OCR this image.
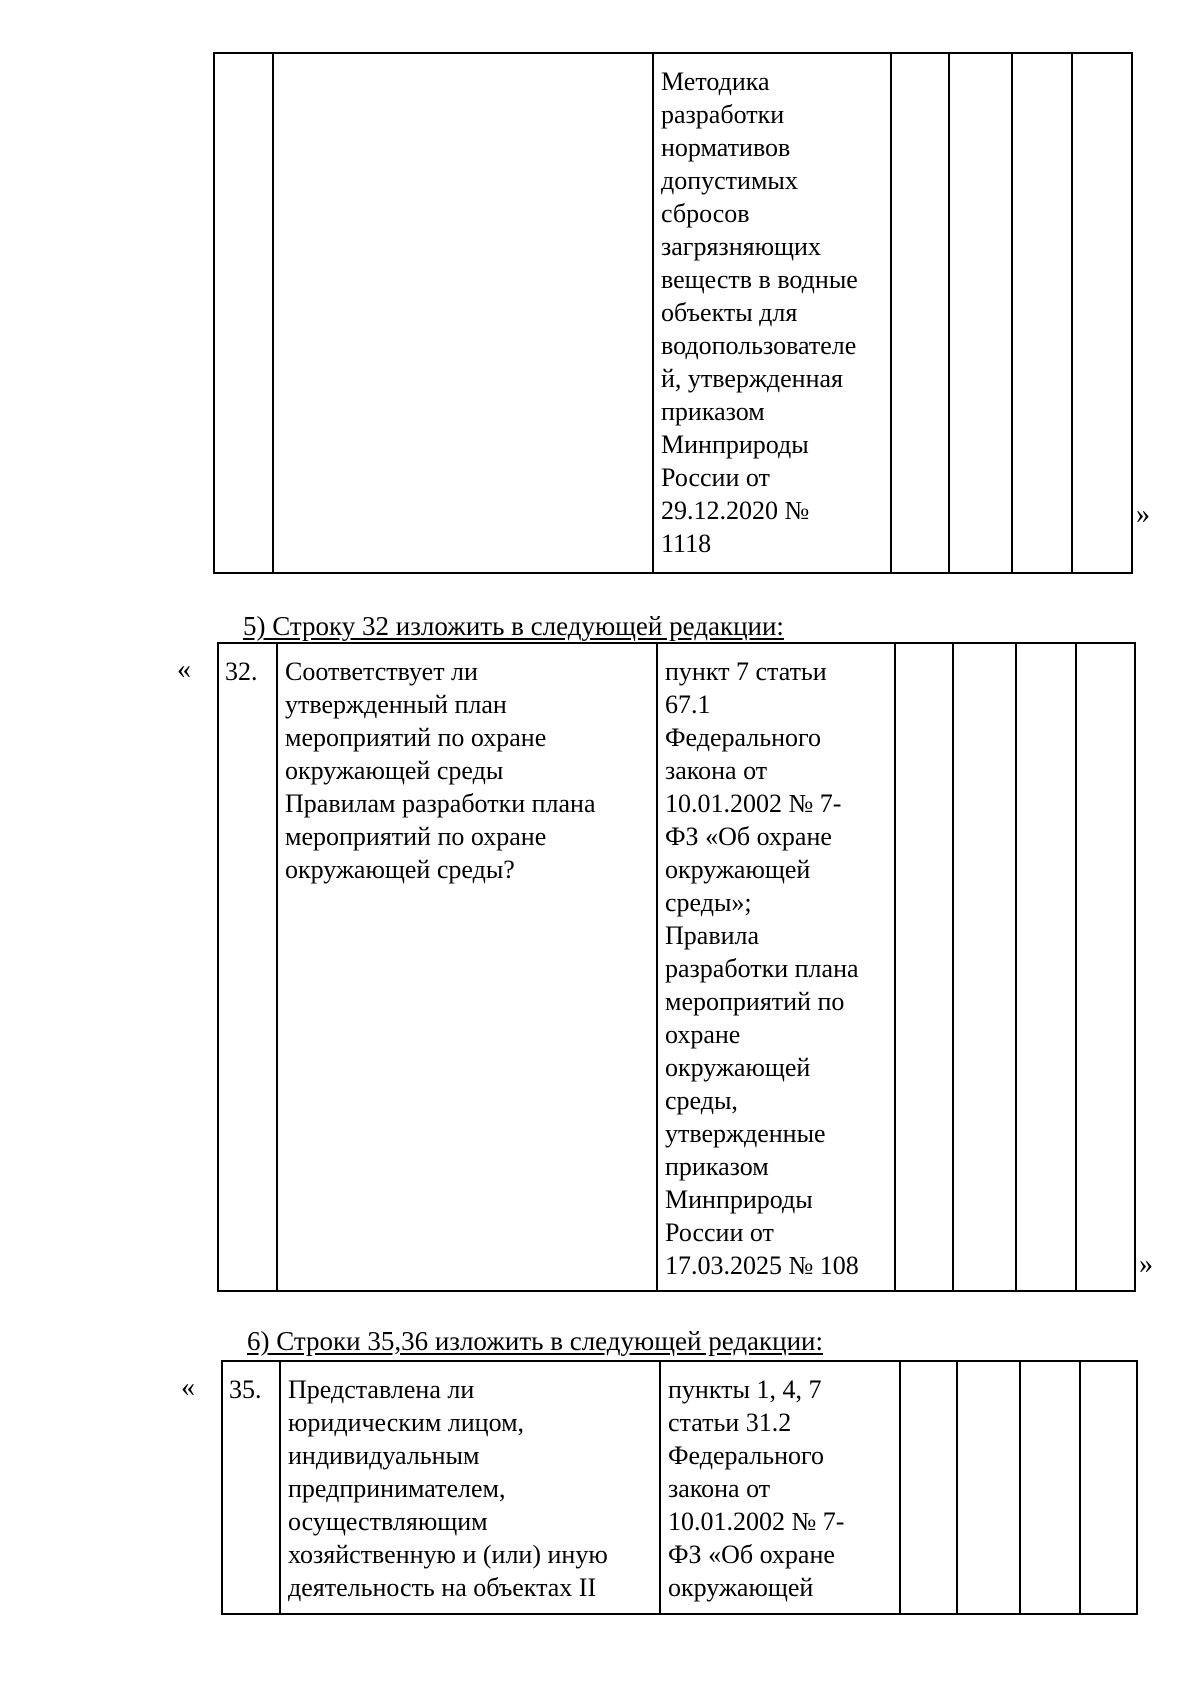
		Методика
разработки
нормативов
допустимых
сбросов
загрязняющих
веществ в водные
объекты для
водопользователе
й, утвержденная
приказом
Минприроды
России от
29.12.2020 №
1118				
»

5) Строку 32 изложить в следующей редакции:

« 32.	Соответствует ли
утвержденный план
мероприятий по охране
окружающей среды
Правилам разработки плана
мероприятий по охране
окружающей среды?	пункт 7 статьи
67.1
Федерального
закона от
10.01.2002 № 7-
ФЗ «Об охране
окружающей
среды»;
Правила
разработки плана
мероприятий по
охране
окружающей
среды,
утвержденные
приказом
Минприроды
России от
17.03.2025 № 108					»

6) Строки 35,36 изложить в следующей редакции:

« 35.	Представлена ли
юридическим лицом,
индивидуальным
предпринимателем,
осуществляющим
хозяйственную и (или) иную
деятельность на объектах II	пункты 1, 4, 7
статьи 31.2
Федерального
закона от
10.01.2002 № 7-
ФЗ «Об охране
окружающей				
